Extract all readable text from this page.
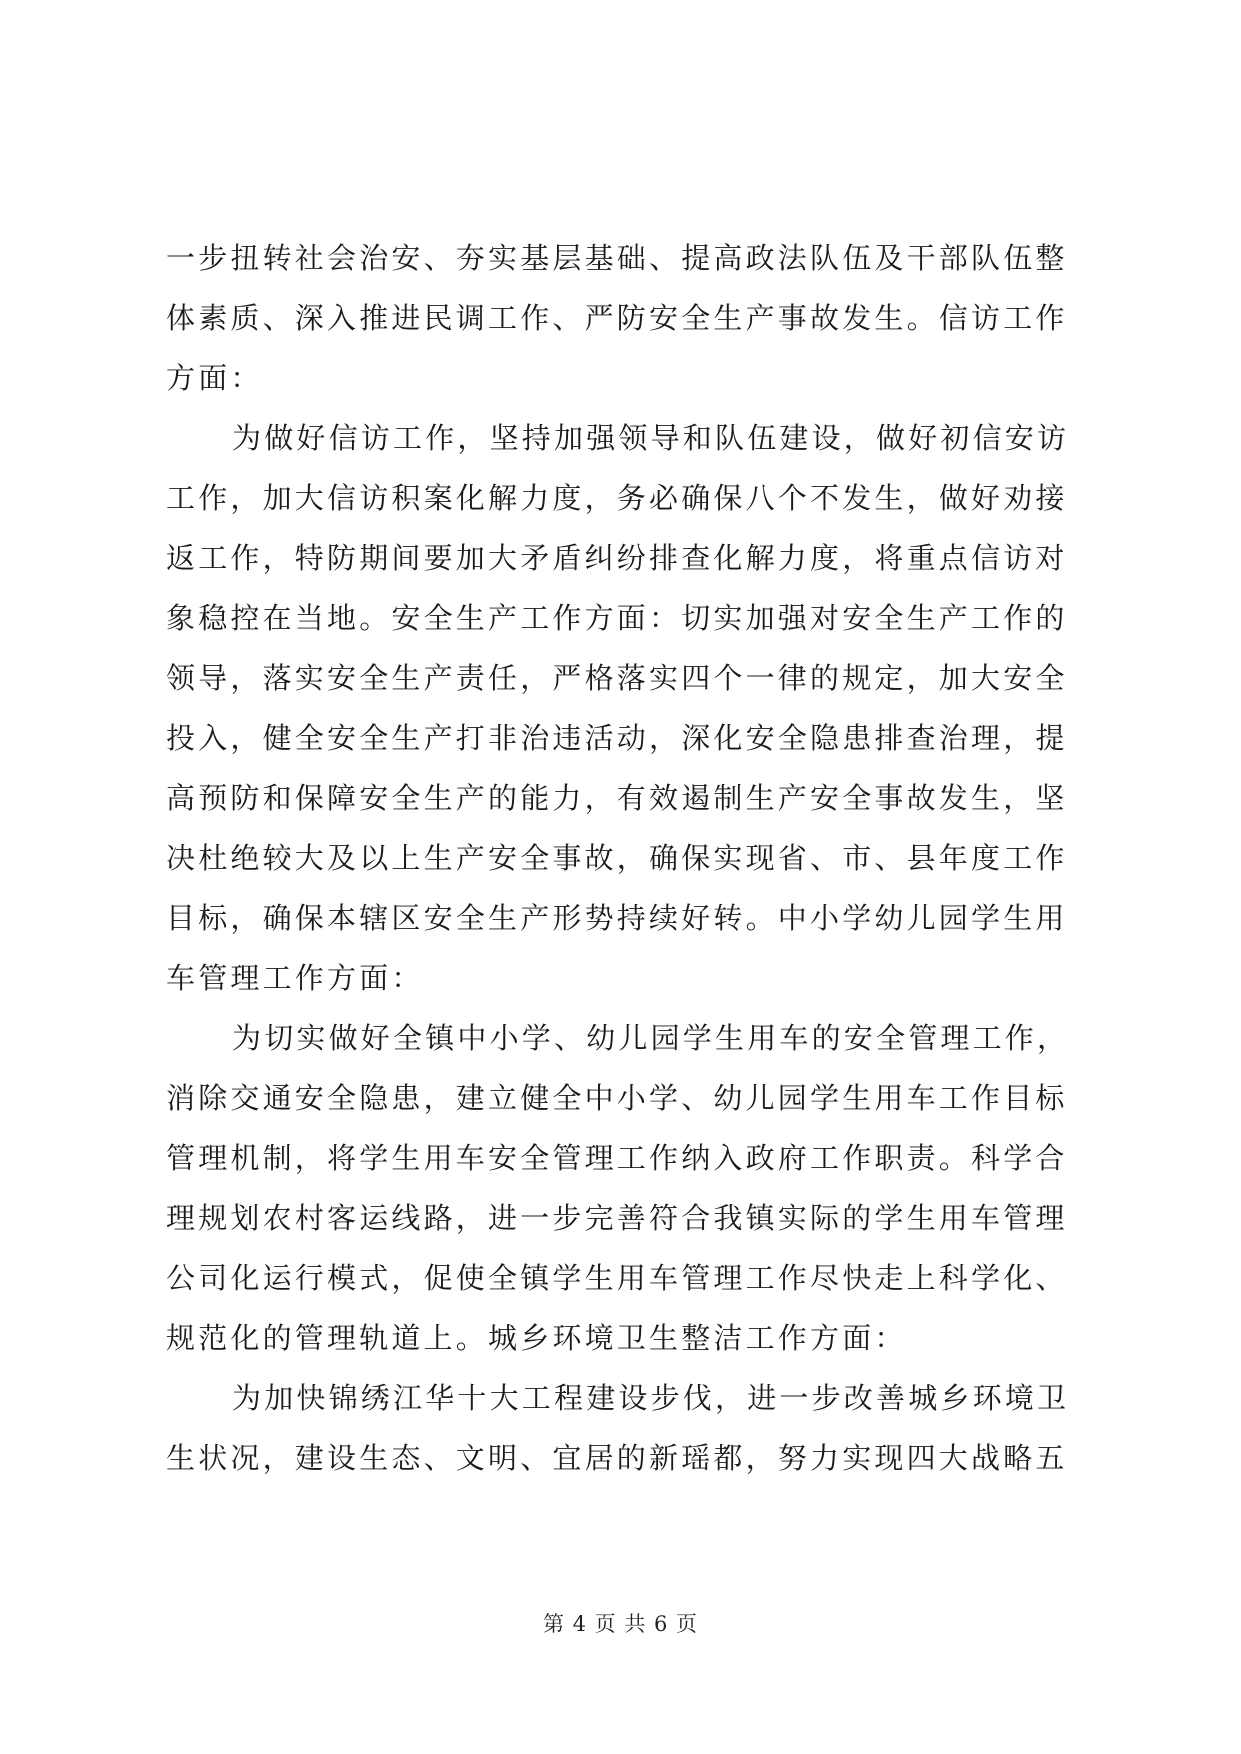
一步扭转社会治安、夯实基层基础、提高政法队伍及干部队伍整
体素质、深入推进民调工作、严防安全生产事故发生。信访工作
方面：
为做好信访工作，坚持加强领导和队伍建设，做好初信安访
工作，加大信访积案化解力度，务必确保八个不发生，做好劝接
返工作，特防期间要加大矛盾纠纷排查化解力度，将重点信访对
象稳控在当地。安全生产工作方面：切实加强对安全生产工作的
领导，落实安全生产责任，严格落实四个一律的规定，加大安全
投入，健全安全生产打非治违活动，深化安全隐患排查治理，提
高预防和保障安全生产的能力，有效遏制生产安全事故发生，坚
决杜绝较大及以上生产安全事故，确保实现省、市、县年度工作
目标，确保本辖区安全生产形势持续好转。中小学幼儿园学生用
车管理工作方面：
为切实做好全镇中小学、幼儿园学生用车的安全管理工作，
消除交通安全隐患，建立健全中小学、幼儿园学生用车工作目标
管理机制，将学生用车安全管理工作纳入政府工作职责。科学合
理规划农村客运线路，进一步完善符合我镇实际的学生用车管理
公司化运行模式，促使全镇学生用车管理工作尽快走上科学化、
规范化的管理轨道上。城乡环境卫生整洁工作方面：
为加快锦绣江华十大工程建设步伐，进一步改善城乡环境卫
生状况，建设生态、文明、宜居的新瑶都，努力实现四大战略五
第 4 页 共 6 页
